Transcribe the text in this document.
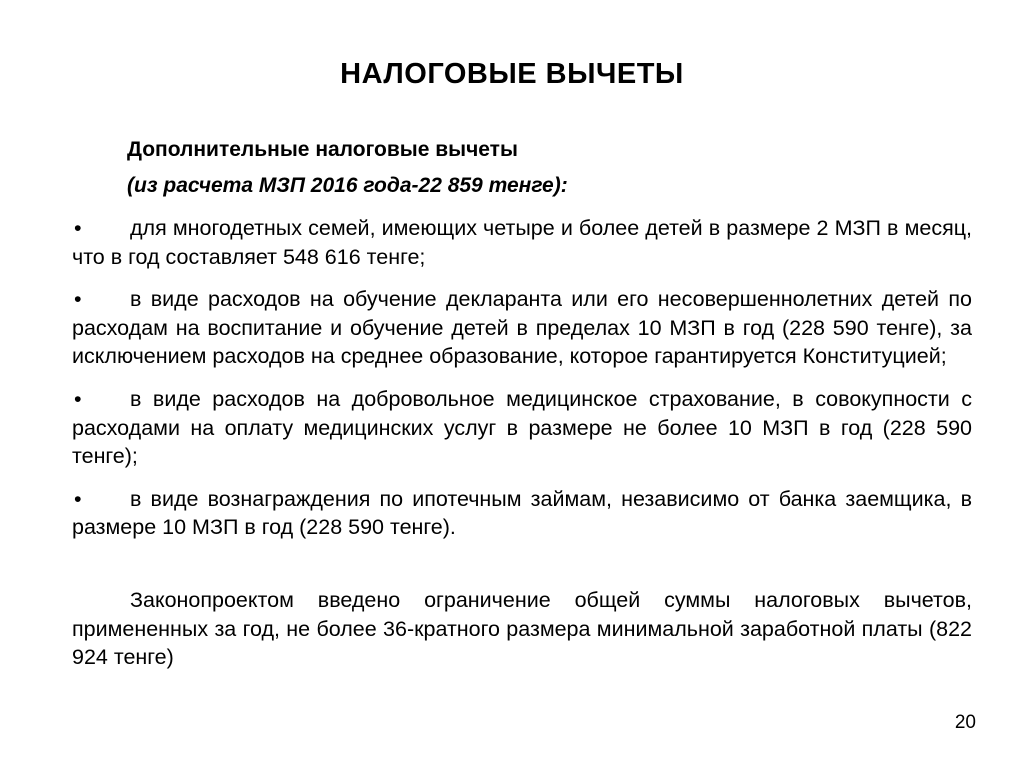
НАЛОГОВЫЕ ВЫЧЕТЫ
Дополнительные налоговые вычеты
(из расчета МЗП 2016 года-22 859 тенге):
•	для многодетных семей, имеющих четыре и более детей в размере 2 МЗП в месяц, что в год составляет 548 616 тенге;
•	в виде расходов на обучение декларанта или его несовершеннолетних детей по расходам на воспитание и обучение детей в пределах 10 МЗП в год (228 590 тенге), за исключением расходов на среднее образование, которое гарантируется Конституцией;
•	в виде расходов на добровольное медицинское страхование, в совокупности с расходами на оплату медицинских услуг в размере не более 10 МЗП в год (228 590 тенге);
•	в виде вознаграждения по ипотечным займам, независимо от банка заемщика, в размере 10 МЗП в год (228 590 тенге).
Законопроектом введено ограничение общей суммы налоговых вычетов, примененных за год, не более 36-кратного размера минимальной заработной платы (822 924 тенге)
20
